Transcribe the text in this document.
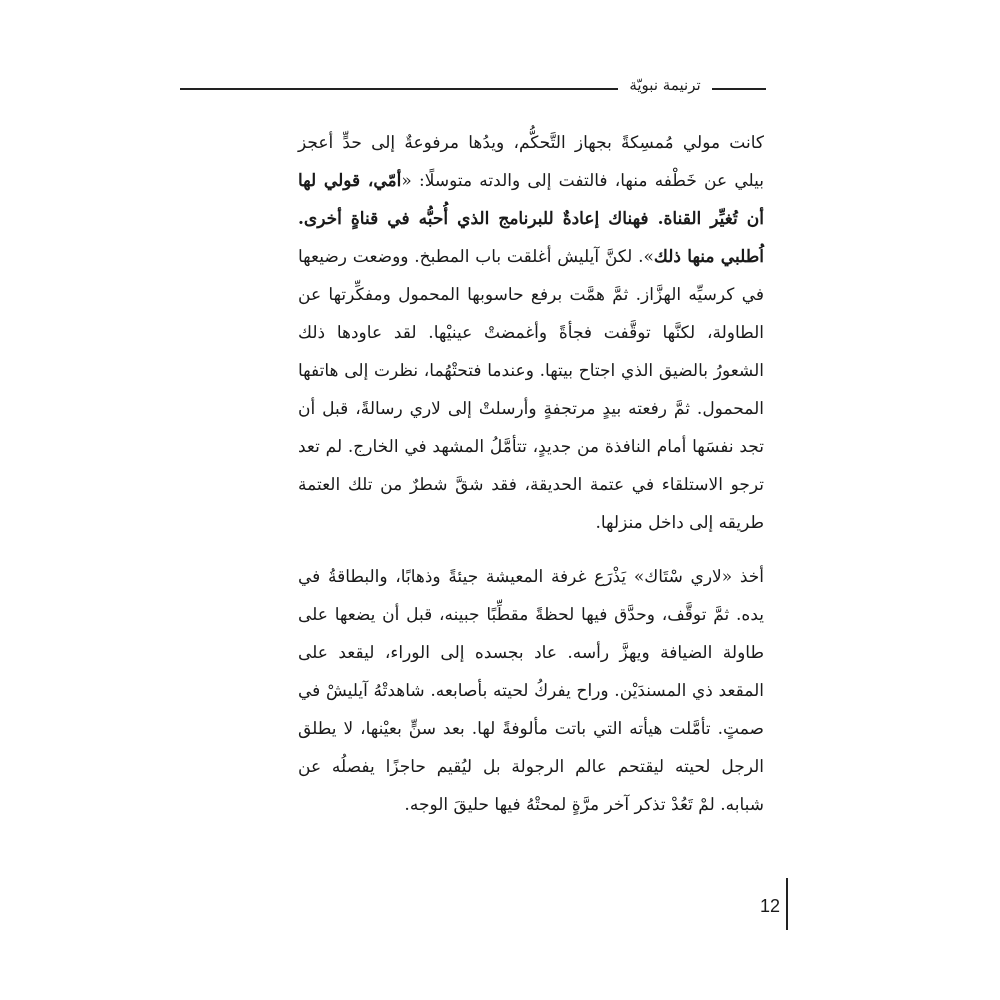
ترنيمة نبويّة

كانت مولي مُمسِكةً بجهاز التَّحكُّم، ويدُها مرفوعةٌ إلى حدٍّ أعجز بيلي عن خَطْفه منها، فالتفت إلى والدته متوسلًا: «أمّي، قولي لها أن تُغيِّر القناة. فهناك إعادةٌ للبرنامج الذي أُحبُّه في قناةٍ أخرى. اُطلبي منها ذلك». لكنَّ آيليش أغلقت باب المطبخ. ووضعت رضيعها في كرسيِّه الهزَّاز. ثمَّ همَّت برفع حاسوبها المحمول ومفكِّرتها عن الطاولة، لكنَّها توقَّفت فجأةً وأغمضتْ عينيْها. لقد عاودها ذلك الشعورُ بالضيق الذي اجتاح بيتها. وعندما فتحتْهُما، نظرت إلى هاتفها المحمول. ثمَّ رفعته بيدٍ مرتجفةٍ وأرسلتْ إلى لاري رسالةً، قبل أن تجد نفسَها أمام النافذة من جديدٍ، تتأمَّلُ المشهد في الخارج. لم تعد ترجو الاستلقاء في عتمة الحديقة، فقد شقَّ شطرٌ من تلك العتمة طريقه إلى داخل منزلها.

أخذ «لاري سْتَاك» يَذْرَع غرفة المعيشة جيئةً وذهابًا، والبطاقةُ في يده. ثمَّ توقَّف، وحدَّق فيها لحظةً مقطِّبًا جبينه، قبل أن يضعها على طاولة الضيافة ويهزَّ رأسه. عاد بجسده إلى الوراء، ليقعد على المقعد ذي المسندَيْن. وراح يفركُ لحيته بأصابعه. شاهدتْهُ آيليشْ في صمتٍ. تأمَّلت هيأته التي باتت مألوفةً لها. بعد سنٍّ بعيْنها، لا يطلق الرجل لحيته ليقتحم عالم الرجولة بل ليُقيم حاجزًا يفصلُه عن شبابه. لمْ تَعُدْ تذكر آخر مرَّةٍ لمحتْهُ فيها حليقَ الوجه.

12
